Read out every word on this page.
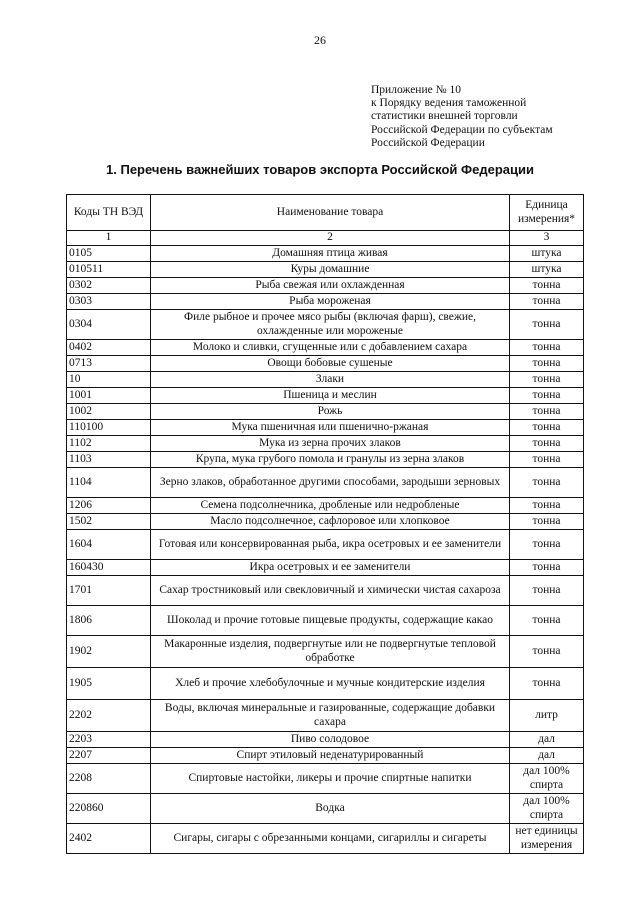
26
Приложение № 10
к Порядку ведения таможенной
статистики внешней торговли
Российской Федерации по субъектам
Российской Федерации
1. Перечень важнейших товаров экспорта Российской Федерации
Коды ТН ВЭД	Наименование товара	Единица измерения*
1	2	3
0105	Домашняя птица живая	штука
010511	Куры домашние	штука
0302	Рыба свежая или охлажденная	тонна
0303	Рыба мороженая	тонна
0304	Филе рыбное и прочее мясо рыбы (включая фарш), свежие, охлажденные или мороженые	тонна
0402	Молоко и сливки, сгущенные или с добавлением сахара	тонна
0713	Овощи бобовые сушеные	тонна
10	Злаки	тонна
1001	Пшеница и меслин	тонна
1002	Рожь	тонна
110100	Мука пшеничная или пшенично-ржаная	тонна
1102	Мука из зерна прочих злаков	тонна
1103	Крупа, мука грубого помола и гранулы из зерна злаков	тонна
1104	Зерно злаков, обработанное другими способами, зародыши зерновых	тонна
1206	Семена подсолнечника, дробленые или недробленые	тонна
1502	Масло подсолнечное, сафлоровое или хлопковое	тонна
1604	Готовая или консервированная рыба, икра осетровых и ее заменители	тонна
160430	Икра осетровых и ее заменители	тонна
1701	Сахар тростниковый или свекловичный и химически чистая сахароза	тонна
1806	Шоколад и прочие готовые пищевые продукты, содержащие какао	тонна
1902	Макаронные изделия, подвергнутые или не подвергнутые тепловой обработке	тонна
1905	Хлеб и прочие хлебобулочные и мучные кондитерские изделия	тонна
2202	Воды, включая минеральные и газированные, содержащие добавки сахара	литр
2203	Пиво солодовое	дал
2207	Спирт этиловый неденатурированный	дал
2208	Спиртовые настойки, ликеры и прочие спиртные напитки	дал 100% спирта
220860	Водка	дал 100% спирта
2402	Сигары, сигары с обрезанными концами, сигариллы и сигареты	нет единицы измерения
